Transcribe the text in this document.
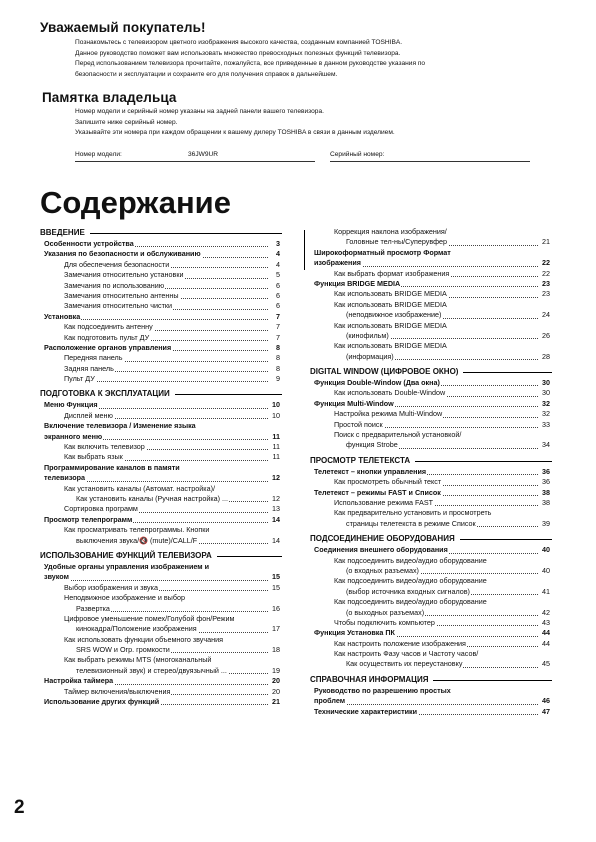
Уважаемый покупатель!
Познакомьтесь с телевизором цветного изображения высокого качества, созданным компанией TOSHIBA.
Данное руководство поможет вам использовать множество превосходных полезных функций телевизора.
Перед использованием телевизора прочитайте, пожалуйста, все приведенные в данном руководстве указания по
безопасности и эксплуатации и сохраните его для получения справок в дальнейшем.
Памятка владельца
Номер модели и серийный номер указаны на задней панели вашего телевизора.
Запишите ниже серийный номер.
Указывайте эти номера при каждом обращении к вашему дилеру TOSHIBA в связи в данным изделием.
Номер модели:	36JW9UR	Серийный номер:
Содержание
ВВЕДЕНИЕ
Особенности устройства	3
Указания по безопасности и обслуживанию	4
Для обеспечения безопасности	4
Замечания относительно установки	5
Замечания по использованию	6
Замечания относительно антенны	6
Замечания относительно чистки	6
Установка	7
Как подсоединить антенну	7
Как подготовить пульт ДУ	7
Расположение органов управления	8
Передняя панель	8
Задняя панель	8
Пульт ДУ	9
ПОДГОТОВКА К ЭКСПЛУАТАЦИИ
Меню Функция	10
Дисплей меню	10
Включение телевизора / Изменение языка
экранного меню	11
Как включить телевизор	11
Как выбрать язык	11
Программирование каналов в памяти
телевизора	12
Как установить каналы (Автомат. настройка)/
Как установить каналы (Ручная настройка) ...	12
Сортировка программ	13
Просмотр телепрограмм	14
Как просматривать телепрограммы. Кнопки
выключения звука/🔇 (mute)/CALL/F	14
ИСПОЛЬЗОВАНИЕ ФУНКЦИЙ ТЕЛЕВИЗОРА
Удобные органы управления изображением и
звуком	15
Выбор изображения и звука	15
Неподвижное изображение и выбор
Развертка	16
Цифровое уменьшение помех/Голубой фон/Режим
кинокадра/Положение изображения	17
Как использовать функции объемного звучания
SRS WOW и Огр. громкости	18
Как выбрать режимы MTS (многоканальный
телевизионный звук) и стерео/двуязычный ...	19
Настройка таймера	20
Таймер включения/выключения	20
Использование других функций	21
Коррекция наклона изображения/
Головные тел-ны/Суперувфер	21
Широкоформатный просмотр Формат
изображения	22
Как выбрать формат изображения	22
Функция BRIDGE MEDIA	23
Как использовать BRIDGE MEDIA	23
Как использовать BRIDGE MEDIA
(неподвижное изображение)	24
Как использовать BRIDGE MEDIA
(кинофильм)	26
Как использовать BRIDGE MEDIA
(информация)	28
DIGITAL WINDOW (ЦИФРОВОЕ ОКНО)
Функция Double-Window (Два окна)	30
Как использовать Double-Window	30
Функция Multi-Window	32
Настройка режима Multi-Window	32
Простой поиск	33
Поиск с предварительной установкой/
функция Strobe	34
ПРОСМОТР ТЕЛЕТЕКСТА
Телетекст – кнопки управления	36
Как просмотреть обычный текст	36
Телетекст – режимы FAST и Список	38
Использование режима FAST	38
Как предварительно установить и просмотреть
страницы телетекста в режиме Список	39
ПОДСОЕДИНЕНИЕ ОБОРУДОВАНИЯ
Соединения внешнего оборудования	40
Как подсоединить видео/аудио оборудование
(о входных разъемах)	40
Как подсоединить видео/аудио оборудование
(выбор источника входных сигналов)	41
Как подсоединить видео/аудио оборудование
(о выходных разъемах)	42
Чтобы подключить компьютер	43
Функция Установка ПК	44
Как настроить положение изображения	44
Как настроить Фазу часов и Частоту часов/
Как осуществить их переустановку	45
СПРАВОЧНАЯ ИНФОРМАЦИЯ
Руководство по разрешению простых
проблем	46
Технические характеристики	47
2
